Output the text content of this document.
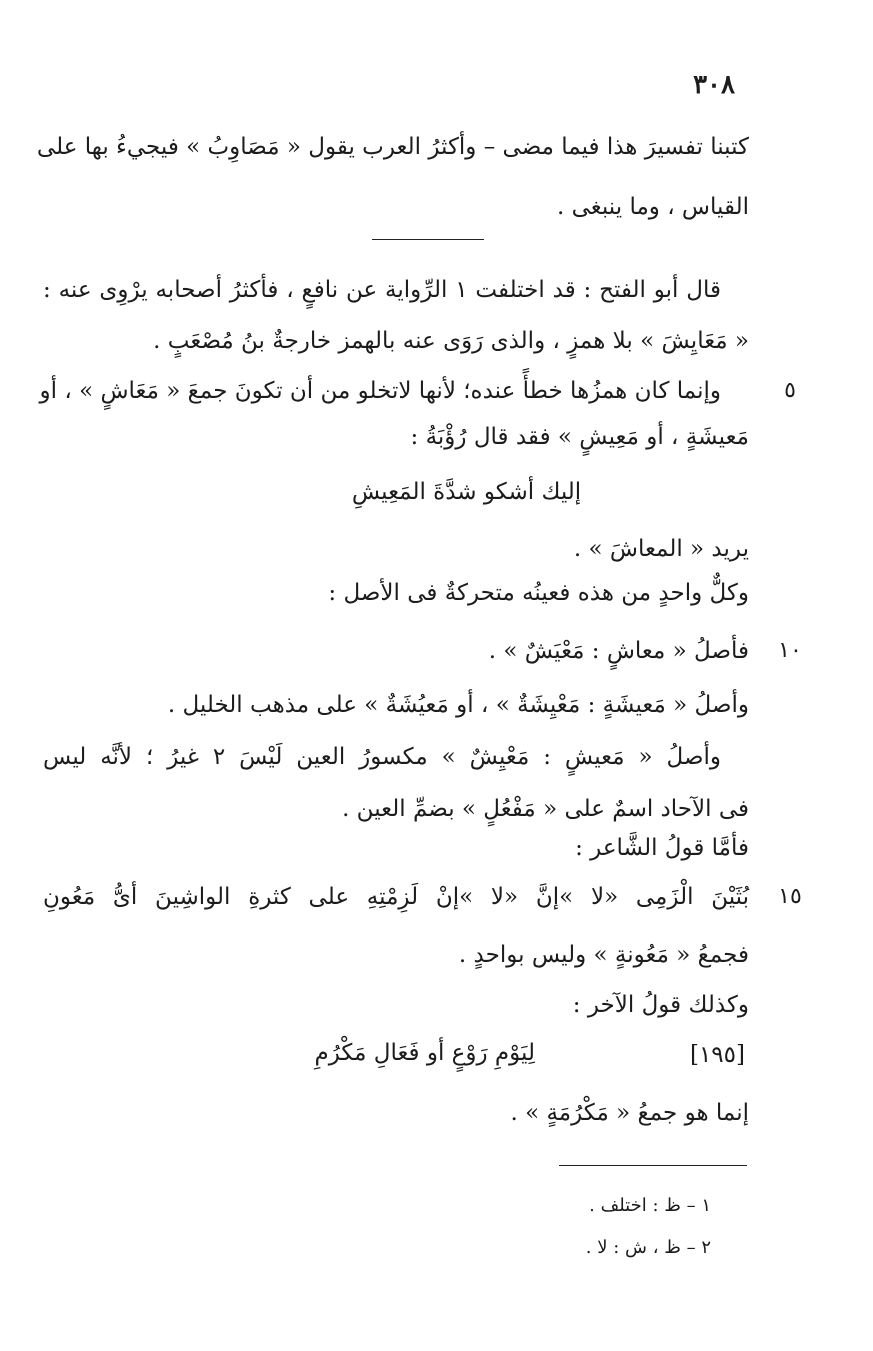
٣٠٨
كتبنا تفسيرَ هذا فيما مضى – وأكثرُ العرب يقول « مَصَاوِبُ » فيجيءُ بها على
القياس ، وما ينبغى .
قال أبو الفتح : قد اختلفت ١ الرِّواية عن نافعٍ ، فأكثرُ أصحابه يرْوِى عنه :
« مَعَايِشَ » بلا همزٍ ، والذى رَوَى عنه بالهمز خارجةٌ بنُ مُصْعَبٍ .
وإنما كان همزُها خطأً عنده؛ لأنها لاتخلو من أن تكونَ جمعَ « مَعَاشٍ » ، أو
مَعيشَةٍ ، أو مَعِيشٍ » فقد قال رُؤْبَةُ :
إليك أشكو شدَّةَ المَعِيشِ
يريد « المعاشَ » .
وكلٌّ واحدٍ من هذه فعينُه متحركةٌ فى الأصل :
فأصلُ « معاشٍ : مَعْيَشٌ » .
وأصلُ « مَعيشَةٍ : مَعْيِشَةٌ » ، أو مَعيُشَةٌ » على مذهب الخليل .
وأصلُ « مَعيشٍ : مَعْيِشٌ » مكسورُ العين لَيْسَ ٢ غيرُ ؛ لأنَّه ليس
فى الآحاد اسمٌ على « مَفْعُلٍ » بضمِّ العين .
فأمَّا قولُ الشَّاعر :
بُثَيْنَ الْزَمِى «لا »إنَّ «لا »إنْ لَزِمْتِهِ على كثرةِ الواشِينَ أىُّ مَعُونِ
فجمعُ « مَعُونةٍ » وليس بواحدٍ .
وكذلك قولُ الآخر :
[١٩٥]
لِيَوْمِ رَوْعٍ أو فَعَالِ مَكْرُمِ
إنما هو جمعُ « مَكْرُمَةٍ » .
٥
١٠
١٥
١ – ظ : اختلف .
٢ – ظ ، ش : لا .
